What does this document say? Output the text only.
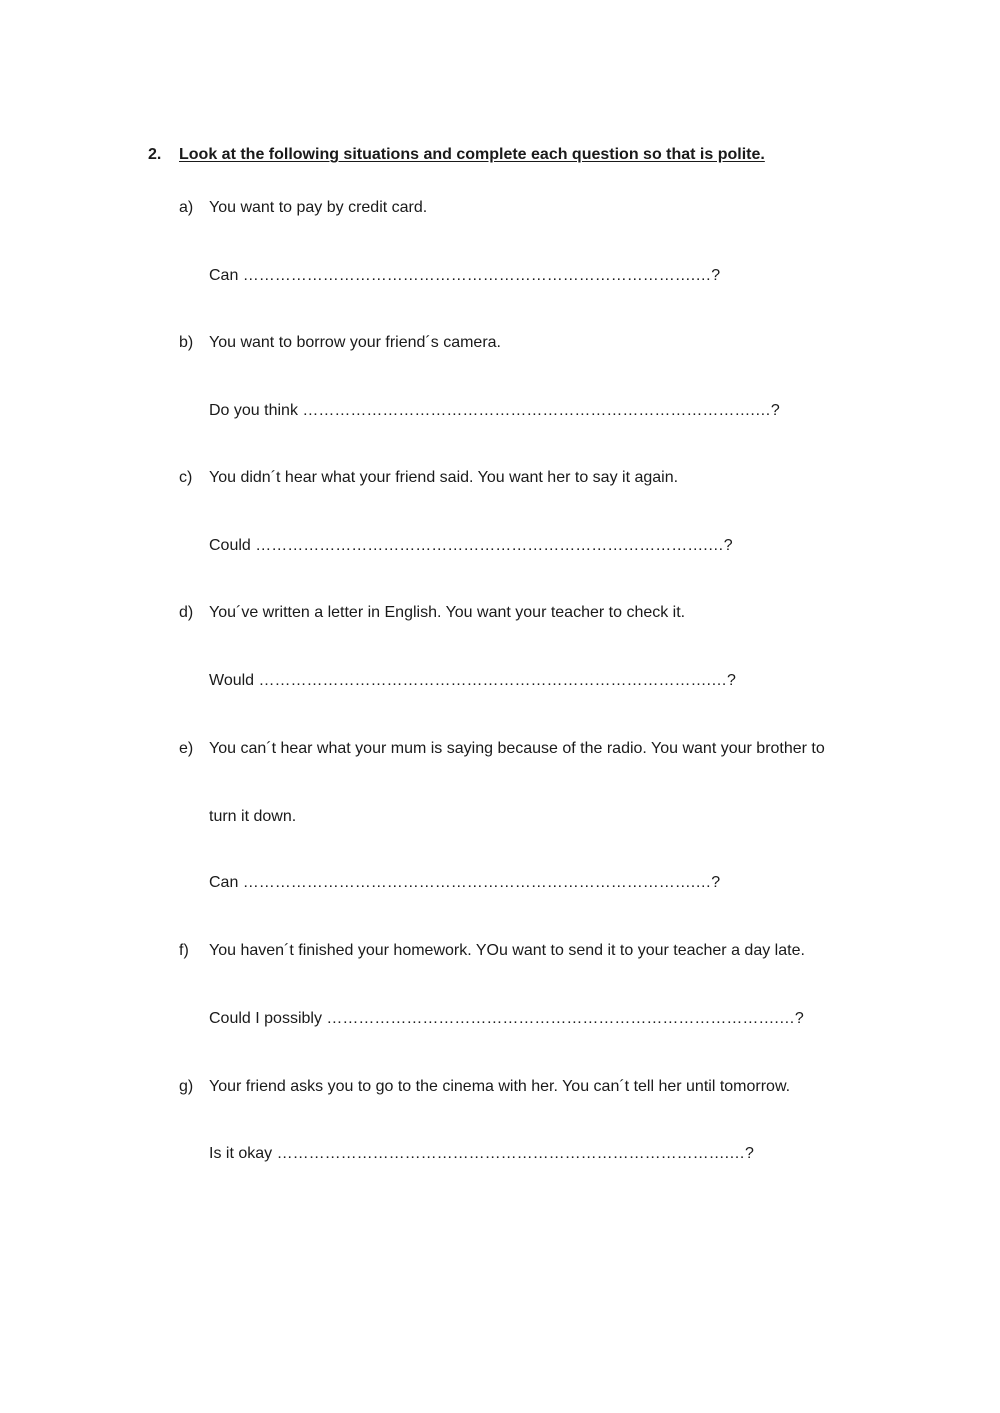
2. Look at the following situations and complete each question so that is polite.
a) You want to pay by credit card.
Can ………………………………………………………………………….…?
b) You want to borrow your friend´s camera.
Do you think ………………………………………………………………………….…?
c)	You didn´t hear what your friend said. You want her to say it again.
Could ………………………………………………………………………….…?
d) You´ve written a letter in English. You want your teacher to check it.
Would ………………………………………………………………………….…?
e) You can´t hear what your mum is saying because of the radio. You want your brother to
turn it down.
Can ………………………………………………………………………….…?
f)	You haven´t finished your homework. YOu want to send it to your teacher a day late.
Could I possibly ………………………………………………………………………….…?
g) Your friend asks you to go to the cinema with her. You can´t tell her until tomorrow.
Is it okay ………………………………………………………………………….…?
